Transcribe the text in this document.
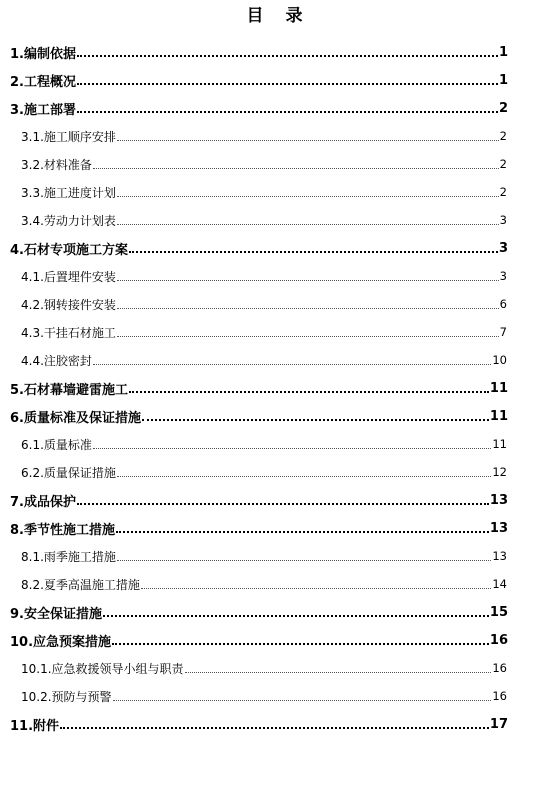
目 录
1.编制依据	1
2.工程概况	1
3.施工部署	2
3.1.施工顺序安排	2
3.2.材料准备	2
3.3.施工进度计划	2
3.4.劳动力计划表	3
4.石材专项施工方案	3
4.1.后置埋件安装	3
4.2.钢转接件安装	6
4.3.干挂石材施工	7
4.4.注胶密封	10
5.石材幕墙避雷施工	11
6.质量标准及保证措施	11
6.1.质量标准	11
6.2.质量保证措施	12
7.成品保护	13
8.季节性施工措施	13
8.1.雨季施工措施	13
8.2.夏季高温施工措施	14
9.安全保证措施	15
10.应急预案措施	16
10.1.应急救援领导小组与职责	16
10.2.预防与预警	16
11.附件	17
